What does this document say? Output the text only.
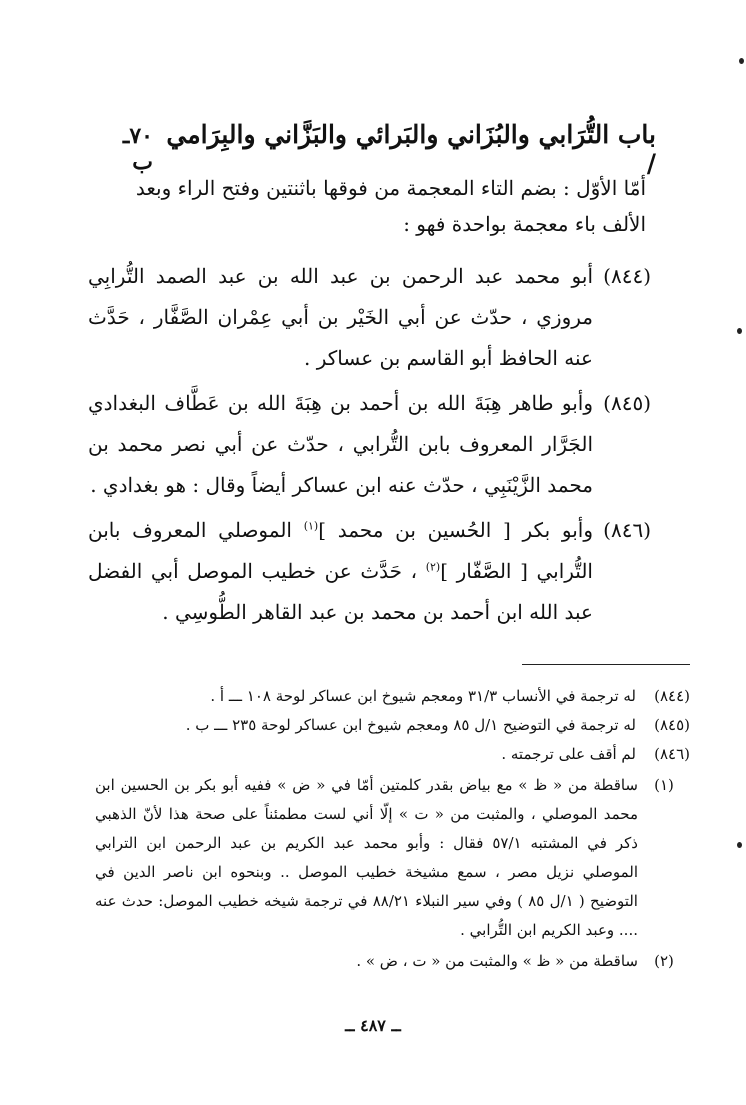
باب التُّرَابي والبُزَاني والبَرائي والبَزَّاني والبِرَامي /
٧٠ـ ب
أمّا الأوّل : بضم التاء المعجمة من فوقها باثنتين وفتح الراء وبعد الألف باء معجمة بواحدة فهو :
(٨٤٤)
أبو محمد عبد الرحمن بن عبد الله بن عبد الصمد التُّرابِي مروزي ، حدّث عن أبي الخَيْر بن أبي عِمْران الصَّفَّار ، حَدَّث عنه الحافظ أبو القاسم بن عساكر .
(٨٤٥)
وأبو طاهر هِبَةَ الله بن أحمد بن هِبَةَ الله بن عَطَّاف البغدادي الجَرَّار المعروف بابن التُّرابي ، حدّث عن أبي نصر محمد بن محمد الزَّيْنَبِي ، حدّث عنه ابن عساكر أيضاً وقال : هو بغدادي .
(٨٤٦)
وأبو بكر [ الحُسين بن محمد ]$^{(١)}$ الموصلي المعروف بابن التُّرابي [ الصَّفّار ]$^{(٢)}$ ، حَدَّث عن خطيب الموصل أبي الفضل عبد الله ابن أحمد بن محمد بن عبد القاهر الطُّوسِي .
(٨٤٤)
له ترجمة في الأنساب ٣١/٣ ومعجم شيوخ ابن عساكر لوحة ١٠٨ ـــ أ .
(٨٤٥)
له ترجمة في التوضيح ١/ل ٨٥ ومعجم شيوخ ابن عساكر لوحة ٢٣٥ ـــ ب .
(٨٤٦)
لم أقف على ترجمته .
(١)
ساقطة من « ظ » مع بياض بقدر كلمتين أمّا في « ض » ففيه أبو بكر بن الحسين ابن محمد الموصلي ، والمثبت من « ت » إلّا أني لست مطمئناً على صحة هذا لأنّ الذهبي ذكر في المشتبه ٥٧/١ فقال : وأبو محمد عبد الكريم بن عبد الرحمن ابن الترابي الموصلي نزيل مصر ، سمع مشيخة خطيب الموصل .. وبنحوه ابن ناصر الدين في التوضيح ( ١/ل ٨٥ ) وفي سير النبلاء ٨٨/٢١ في ترجمة شيخه خطيب الموصل: حدث عنه .... وعبد الكريم ابن التُّرابي .
(٢)
ساقطة من « ظ » والمثبت من « ت ، ض » .
ــ ٤٨٧ ــ
